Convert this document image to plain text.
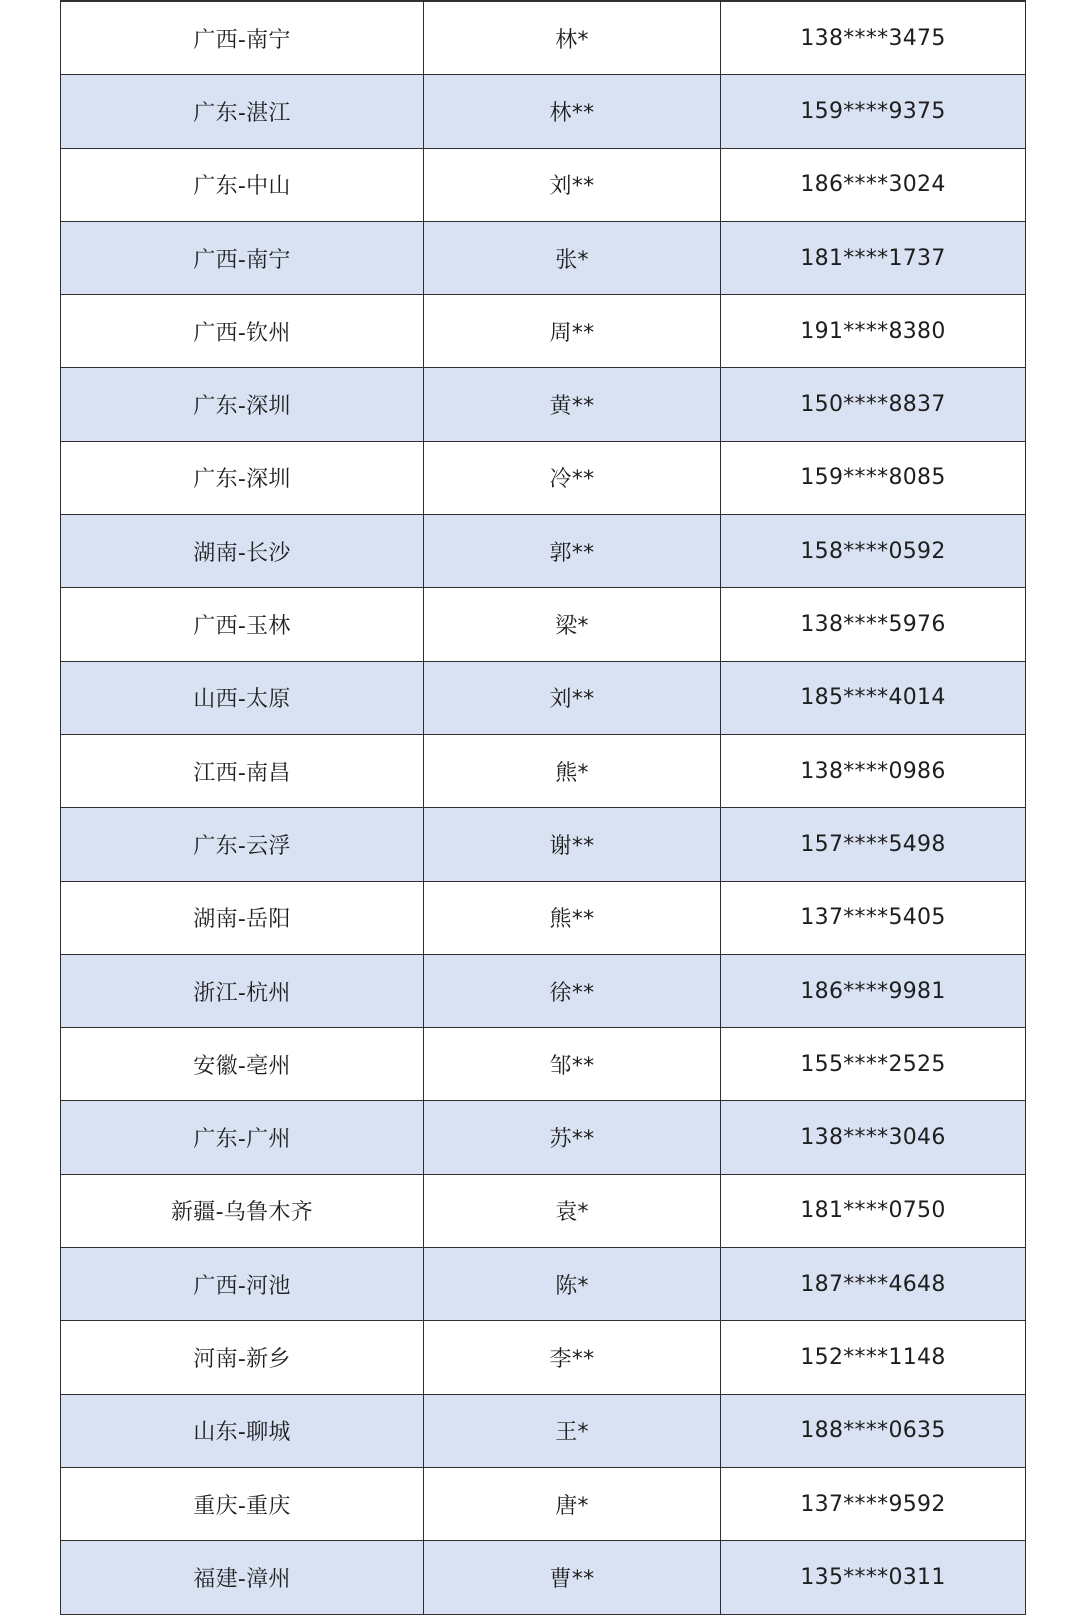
广西-南宁	林*	138****3475
广东-湛江	林**	159****9375
广东-中山	刘**	186****3024
广西-南宁	张*	181****1737
广西-钦州	周**	191****8380
广东-深圳	黄**	150****8837
广东-深圳	冷**	159****8085
湖南-长沙	郭**	158****0592
广西-玉林	梁*	138****5976
山西-太原	刘**	185****4014
江西-南昌	熊*	138****0986
广东-云浮	谢**	157****5498
湖南-岳阳	熊**	137****5405
浙江-杭州	徐**	186****9981
安徽-亳州	邹**	155****2525
广东-广州	苏**	138****3046
新疆-乌鲁木齐	袁*	181****0750
广西-河池	陈*	187****4648
河南-新乡	李**	152****1148
山东-聊城	王*	188****0635
重庆-重庆	唐*	137****9592
福建-漳州	曹**	135****0311
